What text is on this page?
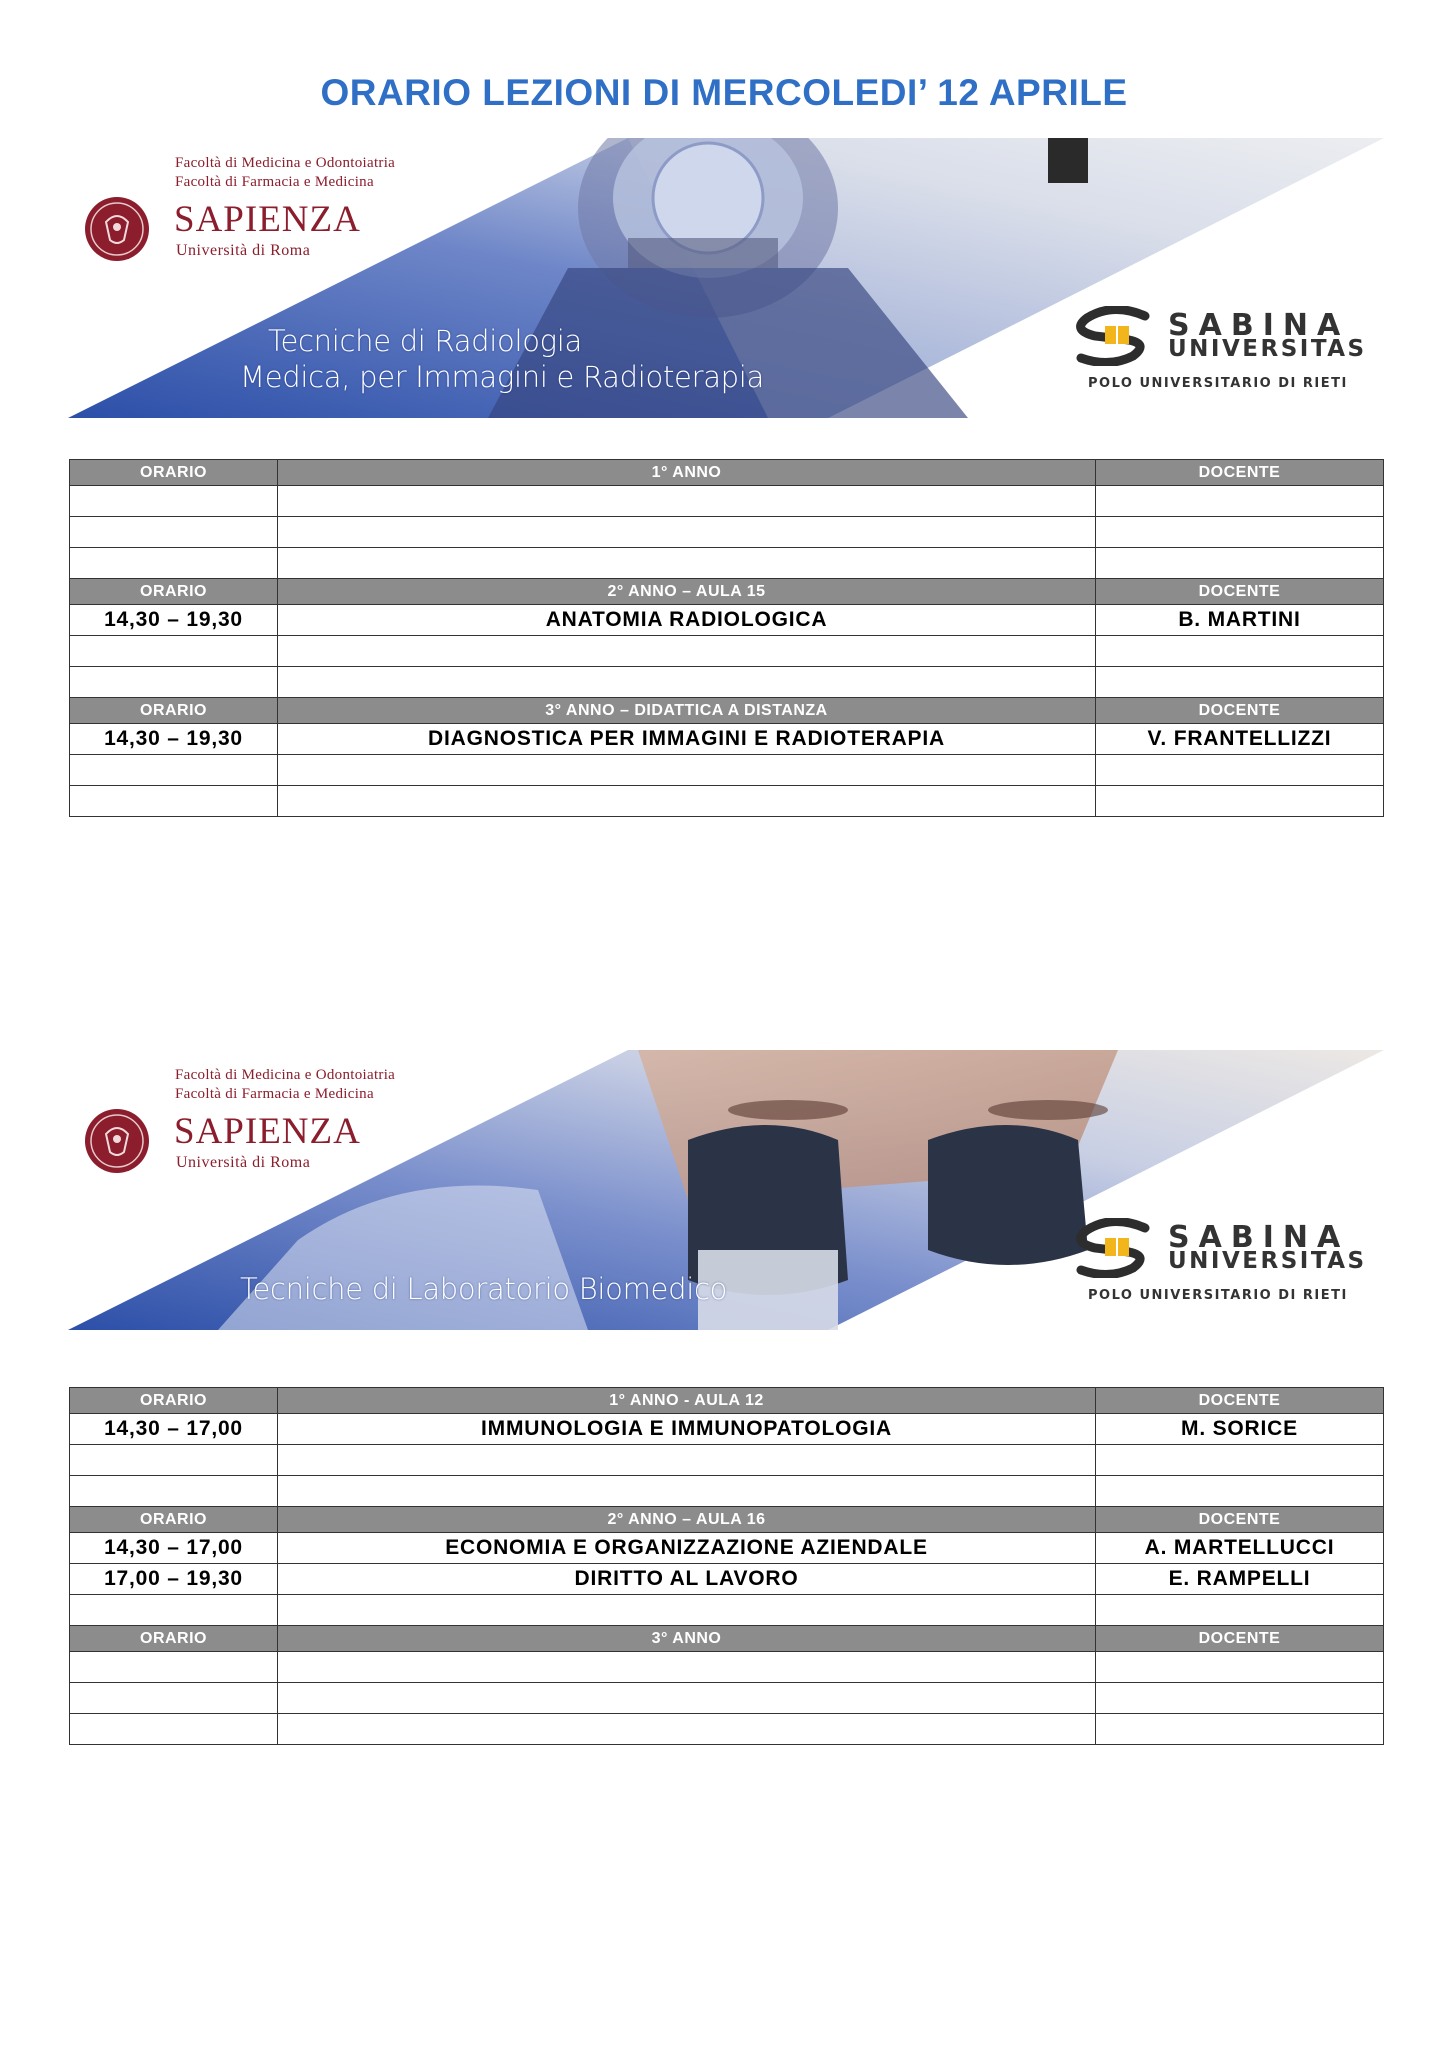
ORARIO LEZIONI DI MERCOLEDI’ 12 APRILE
Facoltà di Medicina e Odontoiatria
Facoltà di Farmacia e Medicina
SAPIENZA
Università di Roma
Tecniche di Radiologia
Medica, per Immagini e Radioterapia
SABINA
UNIVERSITAS
POLO UNIVERSITARIO DI RIETI
ORARIO	1° ANNO	DOCENTE

ORARIO	2° ANNO – AULA 15	DOCENTE
14,30 – 19,30	ANATOMIA RADIOLOGICA	B. MARTINI

ORARIO	3° ANNO – DIDATTICA A DISTANZA	DOCENTE
14,30 – 19,30	DIAGNOSTICA PER IMMAGINI E RADIOTERAPIA	V. FRANTELLIZZI

Facoltà di Medicina e Odontoiatria
Facoltà di Farmacia e Medicina
SAPIENZA
Università di Roma
Tecniche di Laboratorio Biomedico
SABINA
UNIVERSITAS
POLO UNIVERSITARIO DI RIETI
ORARIO	1° ANNO - AULA 12	DOCENTE
14,30 – 17,00	IMMUNOLOGIA E IMMUNOPATOLOGIA	M. SORICE

ORARIO	2° ANNO – AULA 16	DOCENTE
14,30 – 17,00	ECONOMIA E ORGANIZZAZIONE AZIENDALE	A. MARTELLUCCI
17,00 – 19,30	DIRITTO AL LAVORO	E. RAMPELLI

ORARIO	3° ANNO	DOCENTE
